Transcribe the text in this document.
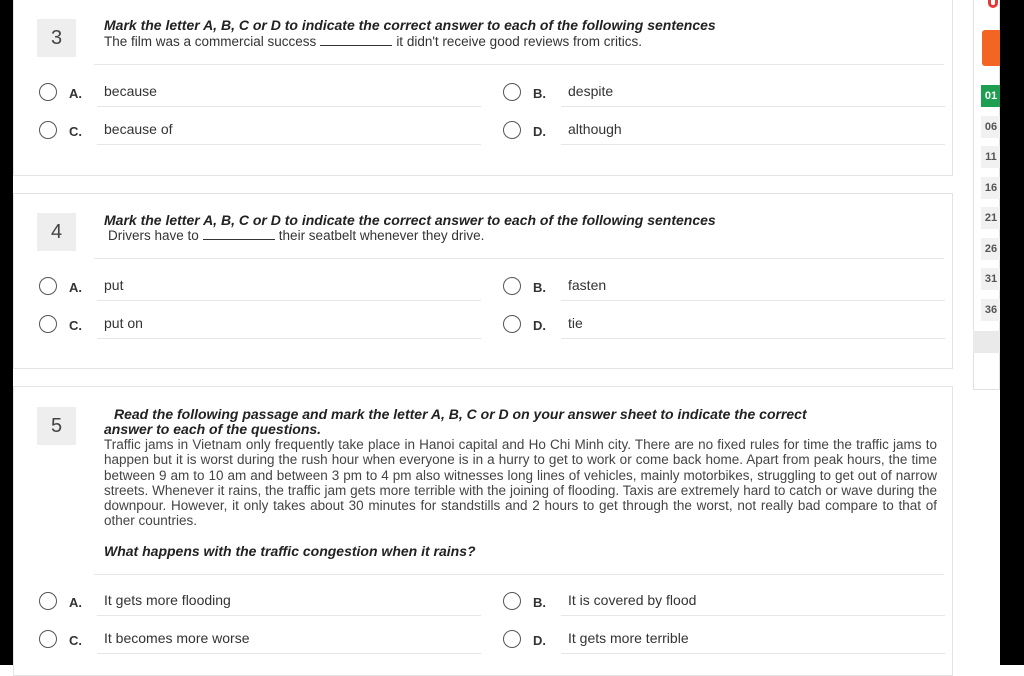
3
Mark the letter A, B, C or D to indicate the correct answer to each of the following sentences
The film was a commercial success	it didn't receive good reviews from critics.
A. because	B. despite
C. because of	D. although
4
Mark the letter A, B, C or D to indicate the correct answer to each of the following sentences
Drivers have to	their seatbelt whenever they drive.
A. put	B. fasten
C. put on	D. tie
5
Read the following passage and mark the letter A, B, C or D on your answer sheet to indicate the correct
answer to each of the questions.
Traffic jams in Vietnam only frequently take place in Hanoi capital and Ho Chi Minh city. There are no fixed rules for time the traffic jams to happen but it is worst during the rush hour when everyone is in a hurry to get to work or come back home. Apart from peak hours, the time between 9 am to 10 am and between 3 pm to 4 pm also witnesses long lines of vehicles, mainly motorbikes, struggling to get out of narrow streets. Whenever it rains, the traffic jam gets more terrible with the joining of flooding. Taxis are extremely hard to catch or wave during the downpour. However, it only takes about 30 minutes for standstills and 2 hours to get through the worst, not really bad compare to that of other countries.
What happens with the traffic congestion when it rains?
A. It gets more flooding	B. It is covered by flood
C. It becomes more worse	D. It gets more terrible
01
06
11
16
21
26
31
36
